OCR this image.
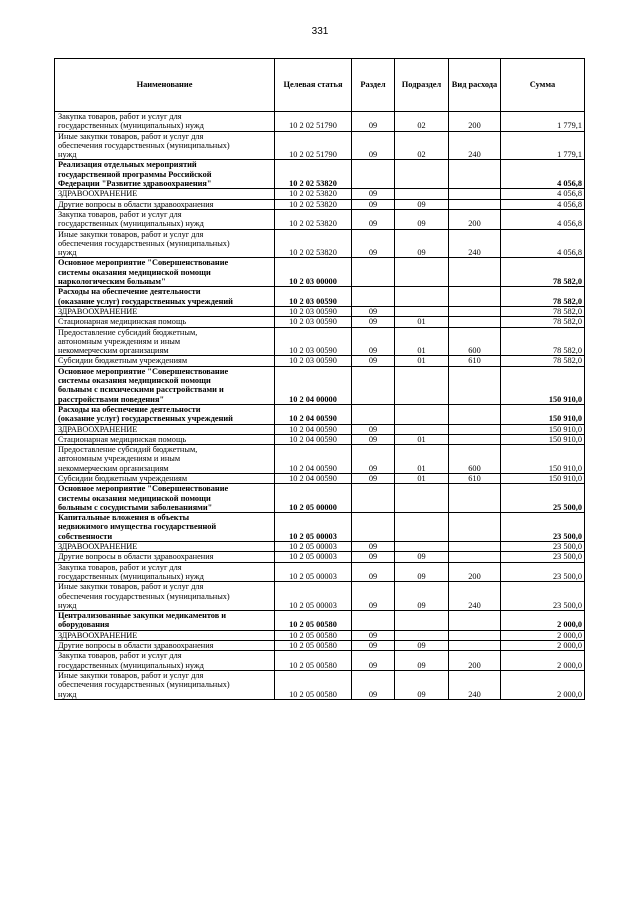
331
Наименование	Целевая статья	Раздел	Подраздел	Вид расхода	Сумма

Закупка товаров, работ и услуг для
государственных (муниципальных) нужд	10 2 02 51790	09	02	200	1 779,1

Иные закупки товаров, работ и услуг для
обеспечения государственных (муниципальных)
нужд	10 2 02 51790	09	02	240	1 779,1

Реализация отдельных мероприятий
государственной программы Российской
Федерации "Развитие здравоохранения"	10 2 02 53820				4 056,8

ЗДРАВООХРАНЕНИЕ	10 2 02 53820	09			4 056,8

Другие вопросы в области здравоохранения	10 2 02 53820	09	09		4 056,8

Закупка товаров, работ и услуг для
государственных (муниципальных) нужд	10 2 02 53820	09	09	200	4 056,8

Иные закупки товаров, работ и услуг для
обеспечения государственных (муниципальных)
нужд	10 2 02 53820	09	09	240	4 056,8

Основное мероприятие "Совершенствование
системы оказания медицинской помощи
наркологическим больным"	10 2 03 00000				78 582,0

Расходы на обеспечение деятельности
(оказание услуг) государственных учреждений	10 2 03 00590				78 582,0

ЗДРАВООХРАНЕНИЕ	10 2 03 00590	09			78 582,0

Стационарная медицинская помощь	10 2 03 00590	09	01		78 582,0

Предоставление субсидий бюджетным,
автономным учреждениям и иным
некоммерческим организациям	10 2 03 00590	09	01	600	78 582,0

Субсидии бюджетным учреждениям	10 2 03 00590	09	01	610	78 582,0

Основное мероприятие "Совершенствование
системы оказания медицинской помощи
больным с психическими расстройствами и
расстройствами поведения"	10 2 04 00000				150 910,0

Расходы на обеспечение деятельности
(оказание услуг) государственных учреждений	10 2 04 00590				150 910,0

ЗДРАВООХРАНЕНИЕ	10 2 04 00590	09			150 910,0

Стационарная медицинская помощь	10 2 04 00590	09	01		150 910,0

Предоставление субсидий бюджетным,
автономным учреждениям и иным
некоммерческим организациям	10 2 04 00590	09	01	600	150 910,0

Субсидии бюджетным учреждениям	10 2 04 00590	09	01	610	150 910,0

Основное мероприятие "Совершенствование
системы оказания медицинской помощи
больным с сосудистыми заболеваниями"	10 2 05 00000				25 500,0

Капитальные вложения в объекты
недвижимого имущества государственной
собственности	10 2 05 00003				23 500,0

ЗДРАВООХРАНЕНИЕ	10 2 05 00003	09			23 500,0

Другие вопросы в области здравоохранения	10 2 05 00003	09	09		23 500,0

Закупка товаров, работ и услуг для
государственных (муниципальных) нужд	10 2 05 00003	09	09	200	23 500,0

Иные закупки товаров, работ и услуг для
обеспечения государственных (муниципальных)
нужд	10 2 05 00003	09	09	240	23 500,0

Централизованные закупки медикаментов и
оборудования	10 2 05 00580				2 000,0

ЗДРАВООХРАНЕНИЕ	10 2 05 00580	09			2 000,0

Другие вопросы в области здравоохранения	10 2 05 00580	09	09		2 000,0

Закупка товаров, работ и услуг для
государственных (муниципальных) нужд	10 2 05 00580	09	09	200	2 000,0

Иные закупки товаров, работ и услуг для
обеспечения государственных (муниципальных)
нужд	10 2 05 00580	09	09	240	2 000,0
